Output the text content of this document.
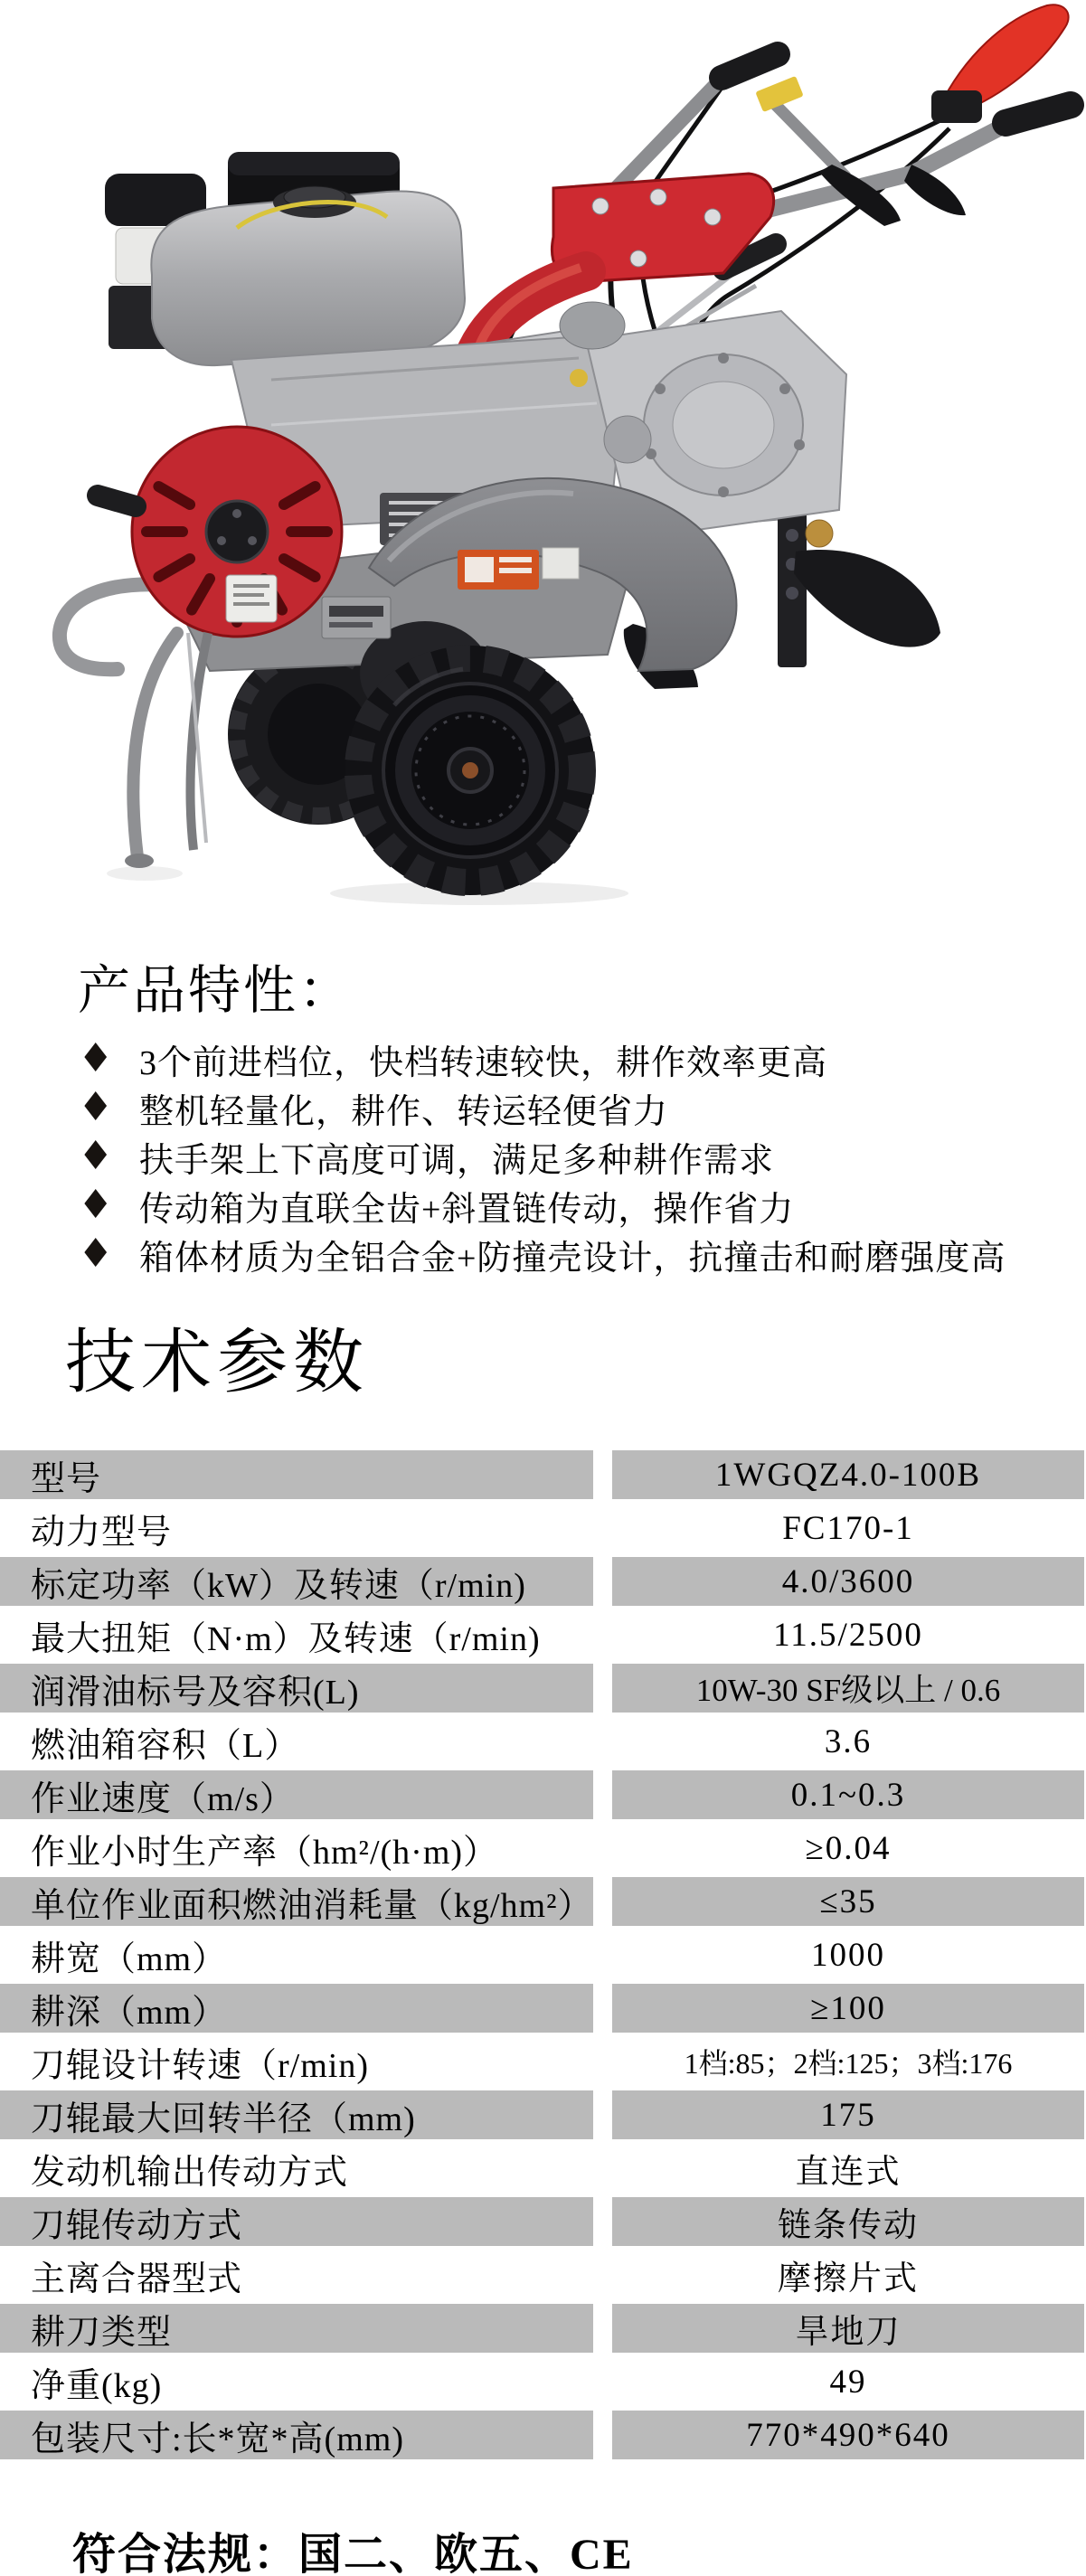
产品特性：
♦ 3个前进档位，快档转速较快，耕作效率更高
♦ 整机轻量化，耕作、转运轻便省力
♦ 扶手架上下高度可调，满足多种耕作需求
♦ 传动箱为直联全齿+斜置链传动，操作省力
♦ 箱体材质为全铝合金+防撞壳设计，抗撞击和耐磨强度高
技术参数
型号	1WGQZ4.0-100B
动力型号	FC170-1
标定功率（kW）及转速（r/min)	4.0/3600
最大扭矩（N·m）及转速（r/min)	11.5/2500
润滑油标号及容积(L)	10W-30 SF级以上 / 0.6
燃油箱容积（L）	3.6
作业速度（m/s）	0.1~0.3
作业小时生产率（hm²/(h·m)）	≥0.04
单位作业面积燃油消耗量（kg/hm²）	≤35
耕宽（mm）	1000
耕深（mm）	≥100
刀辊设计转速（r/min)	1档:85；2档:125；3档:176
刀辊最大回转半径（mm)	175
发动机输出传动方式	直连式
刀辊传动方式	链条传动
主离合器型式	摩擦片式
耕刀类型	旱地刀
净重(kg)	49
包装尺寸:长*宽*高(mm)	770*490*640
符合法规：国二、欧五、CE
